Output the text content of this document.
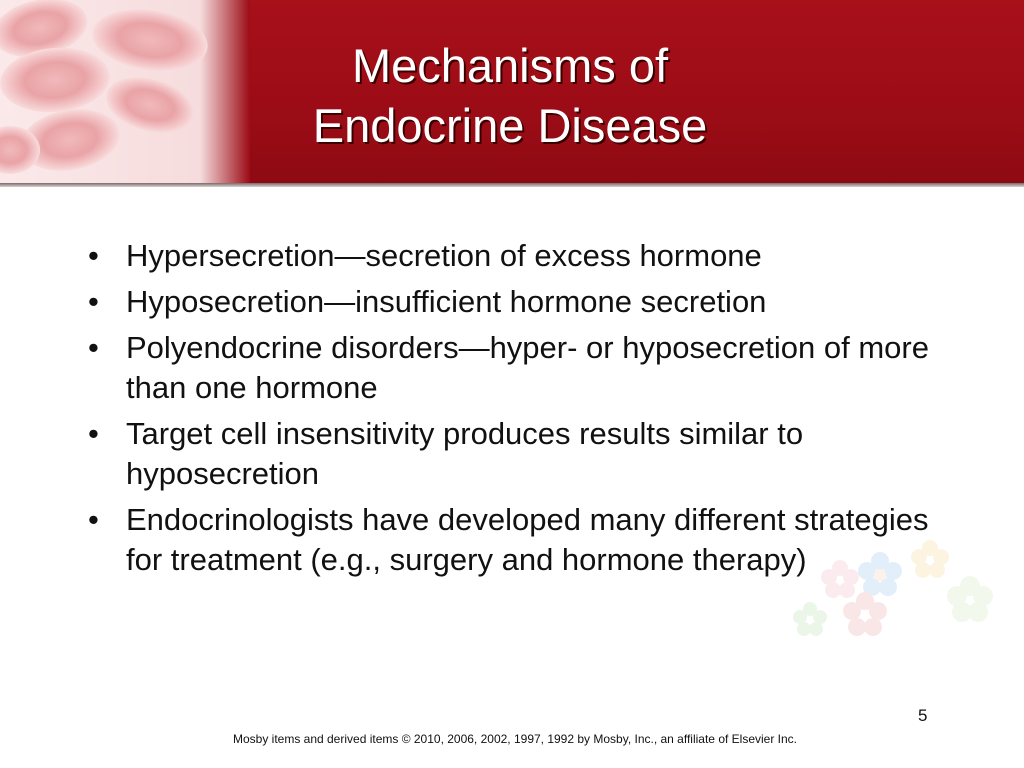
Mechanisms of
Endocrine Disease
• Hypersecretion—secretion of excess hormone
• Hyposecretion—insufficient hormone secretion
• Polyendocrine disorders—hyper- or hyposecretion of more than one hormone
• Target cell insensitivity produces results similar to hyposecretion
• Endocrinologists have developed many different strategies for treatment (e.g., surgery and hormone therapy)
5
Mosby items and derived items © 2010, 2006, 2002, 1997, 1992 by Mosby, Inc., an affiliate of Elsevier Inc.
